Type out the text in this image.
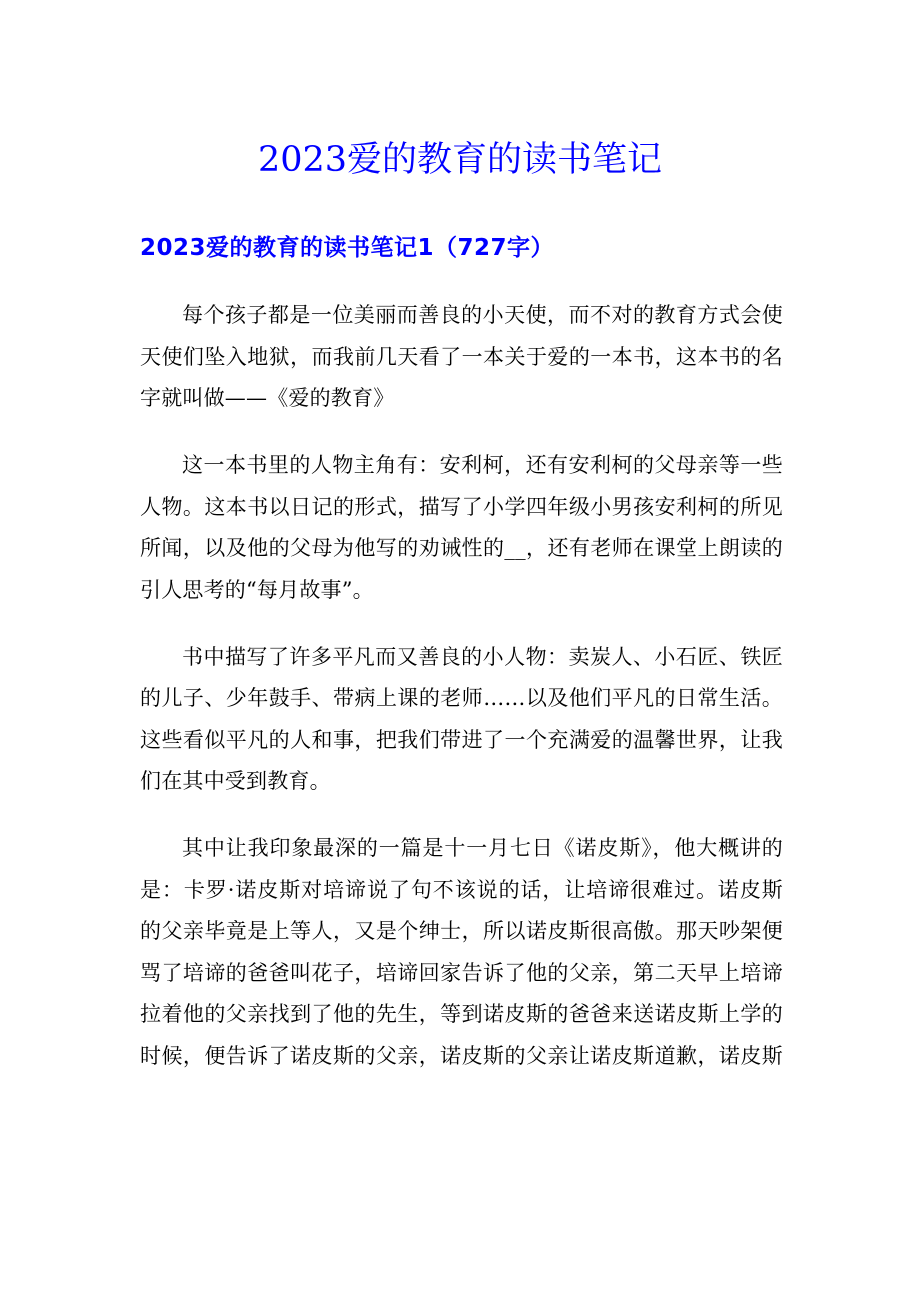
2023爱的教育的读书笔记
2023爱的教育的读书笔记1（727字）

每个孩子都是一位美丽而善良的小天使，而不对的教育方式会使
天使们坠入地狱，而我前几天看了一本关于爱的一本书，这本书的名
字就叫做——《爱的教育》

这一本书里的人物主角有：安利柯，还有安利柯的父母亲等一些
人物。这本书以日记的形式，描写了小学四年级小男孩安利柯的所见
所闻，以及他的父母为他写的劝诫性的__，还有老师在课堂上朗读的
引人思考的“每月故事”。

书中描写了许多平凡而又善良的小人物：卖炭人、小石匠、铁匠
的儿子、少年鼓手、带病上课的老师……以及他们平凡的日常生活。
这些看似平凡的人和事，把我们带进了一个充满爱的温馨世界，让我
们在其中受到教育。

其中让我印象最深的一篇是十一月七日《诺皮斯》，他大概讲的
是：卡罗·诺皮斯对培谛说了句不该说的话，让培谛很难过。诺皮斯
的父亲毕竟是上等人，又是个绅士，所以诺皮斯很高傲。那天吵架便
骂了培谛的爸爸叫花子，培谛回家告诉了他的父亲，第二天早上培谛
拉着他的父亲找到了他的先生，等到诺皮斯的爸爸来送诺皮斯上学的
时候，便告诉了诺皮斯的父亲，诺皮斯的父亲让诺皮斯道歉，诺皮斯
